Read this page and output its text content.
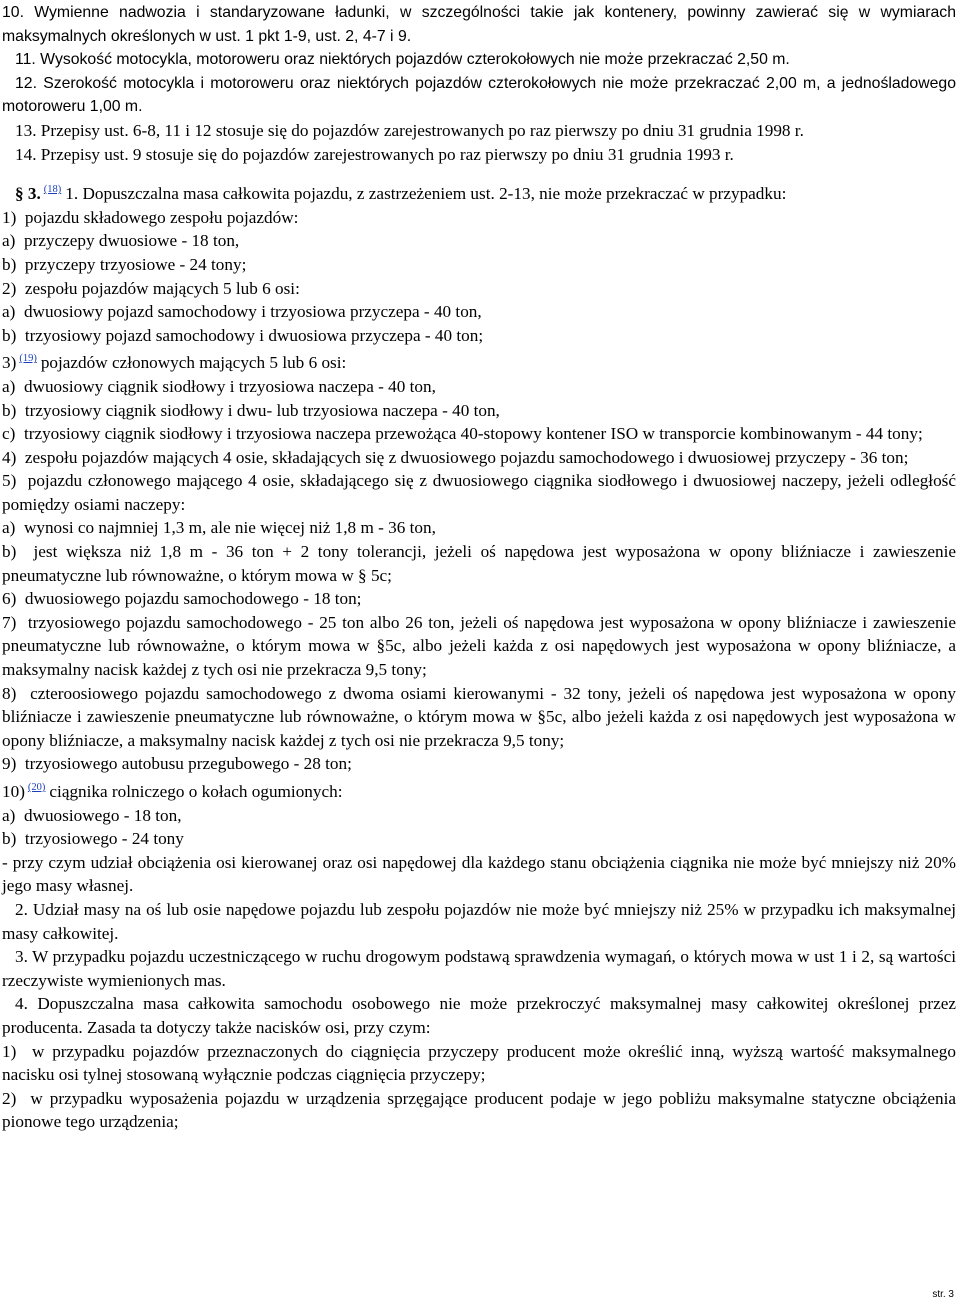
10. Wymienne nadwozia i standaryzowane ładunki, w szczególności takie jak kontenery, powinny zawierać się w wymiarach maksymalnych określonych w ust. 1 pkt 1-9, ust. 2, 4-7 i 9.

11. Wysokość motocykla, motoroweru oraz niektórych pojazdów czterokołowych nie może przekraczać 2,50 m.

12. Szerokość motocykla i motoroweru oraz niektórych pojazdów czterokołowych nie może przekraczać 2,00 m, a jednośladowego motoroweru 1,00 m.

13. Przepisy ust. 6-8, 11 i 12 stosuje się do pojazdów zarejestrowanych po raz pierwszy po dniu 31 grudnia 1998 r.

14. Przepisy ust. 9 stosuje się do pojazdów zarejestrowanych po raz pierwszy po dniu 31 grudnia 1993 r.

§ 3. $^{(18)}$ 1. Dopuszczalna masa całkowita pojazdu, z zastrzeżeniem ust. 2-13, nie może przekraczać w przypadku:

1)  pojazdu składowego zespołu pojazdów:

a)  przyczepy dwuosiowe - 18 ton,

b)  przyczepy trzyosiowe - 24 tony;

2)  zespołu pojazdów mających 5 lub 6 osi:

a)  dwuosiowy pojazd samochodowy i trzyosiowa przyczepa - 40 ton,

b)  trzyosiowy pojazd samochodowy i dwuosiowa przyczepa - 40 ton;

3) $^{(19)}$ pojazdów członowych mających 5 lub 6 osi:

a)  dwuosiowy ciągnik siodłowy i trzyosiowa naczepa - 40 ton,

b)  trzyosiowy ciągnik siodłowy i dwu- lub trzyosiowa naczepa - 40 ton,

c)  trzyosiowy ciągnik siodłowy i trzyosiowa naczepa przewożąca 40-stopowy kontener ISO w transporcie kombinowanym - 44 tony;

4)  zespołu pojazdów mających 4 osie, składających się z dwuosiowego pojazdu samochodowego i dwuosiowej przyczepy - 36 ton;

5)  pojazdu członowego mającego 4 osie, składającego się z dwuosiowego ciągnika siodłowego i dwuosiowej naczepy, jeżeli odległość pomiędzy osiami naczepy:

a)  wynosi co najmniej 1,3 m, ale nie więcej niż 1,8 m - 36 ton,

b)  jest większa niż 1,8 m - 36 ton + 2 tony tolerancji, jeżeli oś napędowa jest wyposażona w opony bliźniacze i zawieszenie pneumatyczne lub równoważne, o którym mowa w § 5c;

6)  dwuosiowego pojazdu samochodowego - 18 ton;

7)  trzyosiowego pojazdu samochodowego - 25 ton albo 26 ton, jeżeli oś napędowa jest wyposażona w opony bliźniacze i zawieszenie pneumatyczne lub równoważne, o którym mowa w §5c, albo jeżeli każda z osi napędowych jest wyposażona w opony bliźniacze, a maksymalny nacisk każdej z tych osi nie przekracza 9,5 tony;

8)  czteroosiowego pojazdu samochodowego z dwoma osiami kierowanymi - 32 tony, jeżeli oś napędowa jest wyposażona w opony bliźniacze i zawieszenie pneumatyczne lub równoważne, o którym mowa w §5c, albo jeżeli każda z osi napędowych jest wyposażona w opony bliźniacze, a maksymalny nacisk każdej z tych osi nie przekracza 9,5 tony;

9)  trzyosiowego autobusu przegubowego - 28 ton;

10) $^{(20)}$ ciągnika rolniczego o kołach ogumionych:

a)  dwuosiowego - 18 ton,

b)  trzyosiowego - 24 tony

- przy czym udział obciążenia osi kierowanej oraz osi napędowej dla każdego stanu obciążenia ciągnika nie może być mniejszy niż 20% jego masy własnej.

2. Udział masy na oś lub osie napędowe pojazdu lub zespołu pojazdów nie może być mniejszy niż 25% w przypadku ich maksymalnej masy całkowitej.

3. W przypadku pojazdu uczestniczącego w ruchu drogowym podstawą sprawdzenia wymagań, o których mowa w ust 1 i 2, są wartości rzeczywiste wymienionych mas.

4. Dopuszczalna masa całkowita samochodu osobowego nie może przekroczyć maksymalnej masy całkowitej określonej przez producenta. Zasada ta dotyczy także nacisków osi, przy czym:

1)  w przypadku pojazdów przeznaczonych do ciągnięcia przyczepy producent może określić inną, wyższą wartość maksymalnego nacisku osi tylnej stosowaną wyłącznie podczas ciągnięcia przyczepy;

2)  w przypadku wyposażenia pojazdu w urządzenia sprzęgające producent podaje w jego pobliżu maksymalne statyczne obciążenia pionowe tego urządzenia;

str. 3
